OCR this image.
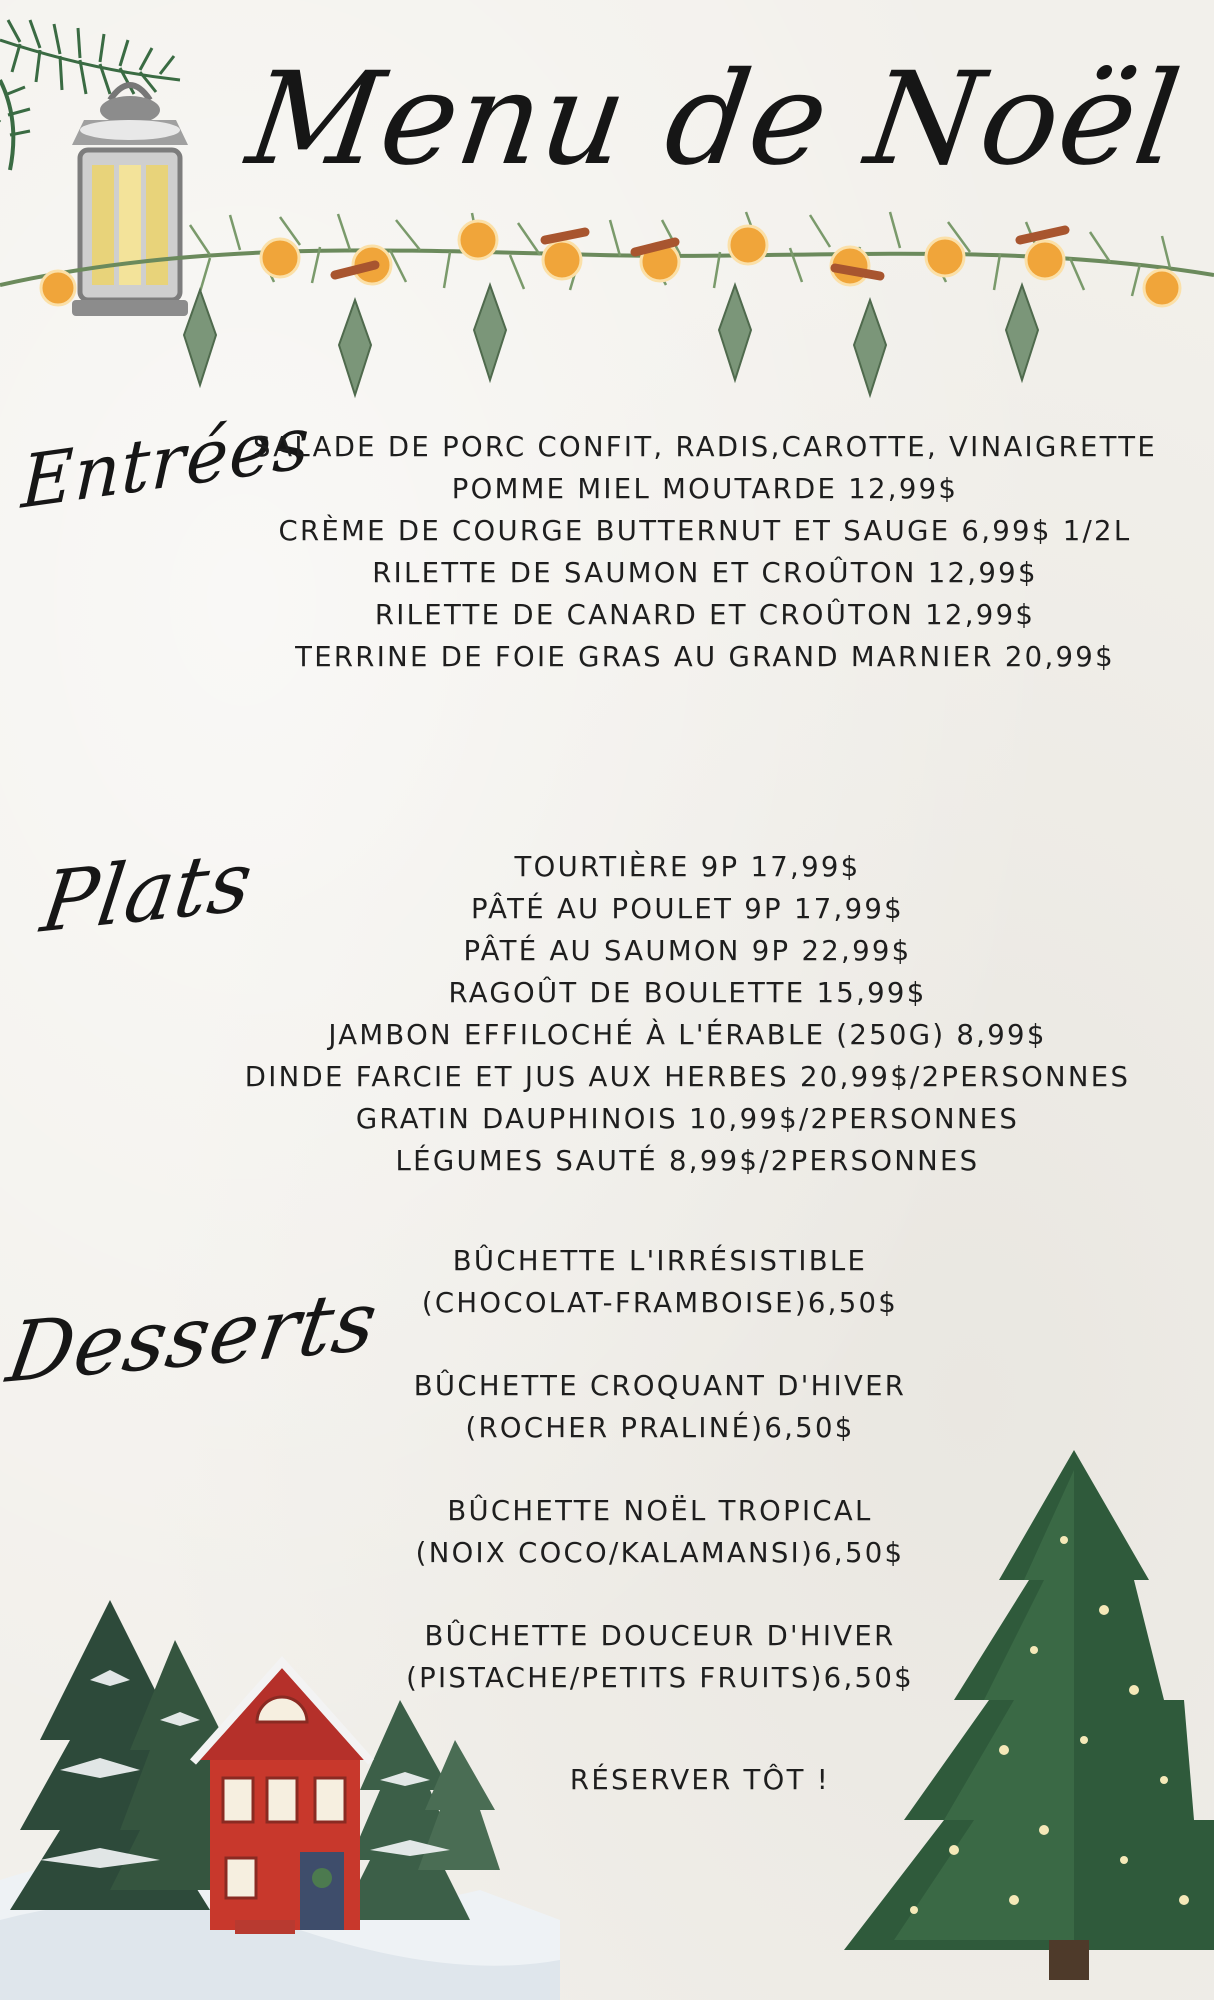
Menu de Noël
Entrées
SALADE DE PORC CONFIT, RADIS,CAROTTE, VINAIGRETTE
POMME MIEL MOUTARDE 12,99$
CRÈME DE COURGE BUTTERNUT ET SAUGE 6,99$ 1/2L
RILETTE DE SAUMON ET CROÛTON 12,99$
RILETTE DE CANARD ET CROÛTON 12,99$
TERRINE DE FOIE GRAS AU GRAND MARNIER 20,99$
Plats	TOURTIÈRE 9P 17,99$
PÂTÉ AU POULET 9P 17,99$
PÂTÉ AU SAUMON 9P 22,99$
RAGOÛT DE BOULETTE 15,99$
JAMBON EFFILOCHÉ À L'ÉRABLE (250G) 8,99$
DINDE FARCIE ET JUS AUX HERBES 20,99$/2PERSONNES
GRATIN DAUPHINOIS 10,99$/2PERSONNES
LÉGUMES SAUTÉ 8,99$/2PERSONNES
Desserts
BÛCHETTE L'IRRÉSISTIBLE
(CHOCOLAT-FRAMBOISE)6,50$
BÛCHETTE CROQUANT D'HIVER
(ROCHER PRALINÉ)6,50$
BÛCHETTE NOËL TROPICAL
(NOIX COCO/KALAMANSI)6,50$
BÛCHETTE DOUCEUR D'HIVER
(PISTACHE/PETITS FRUITS)6,50$
RÉSERVER TÔT !
